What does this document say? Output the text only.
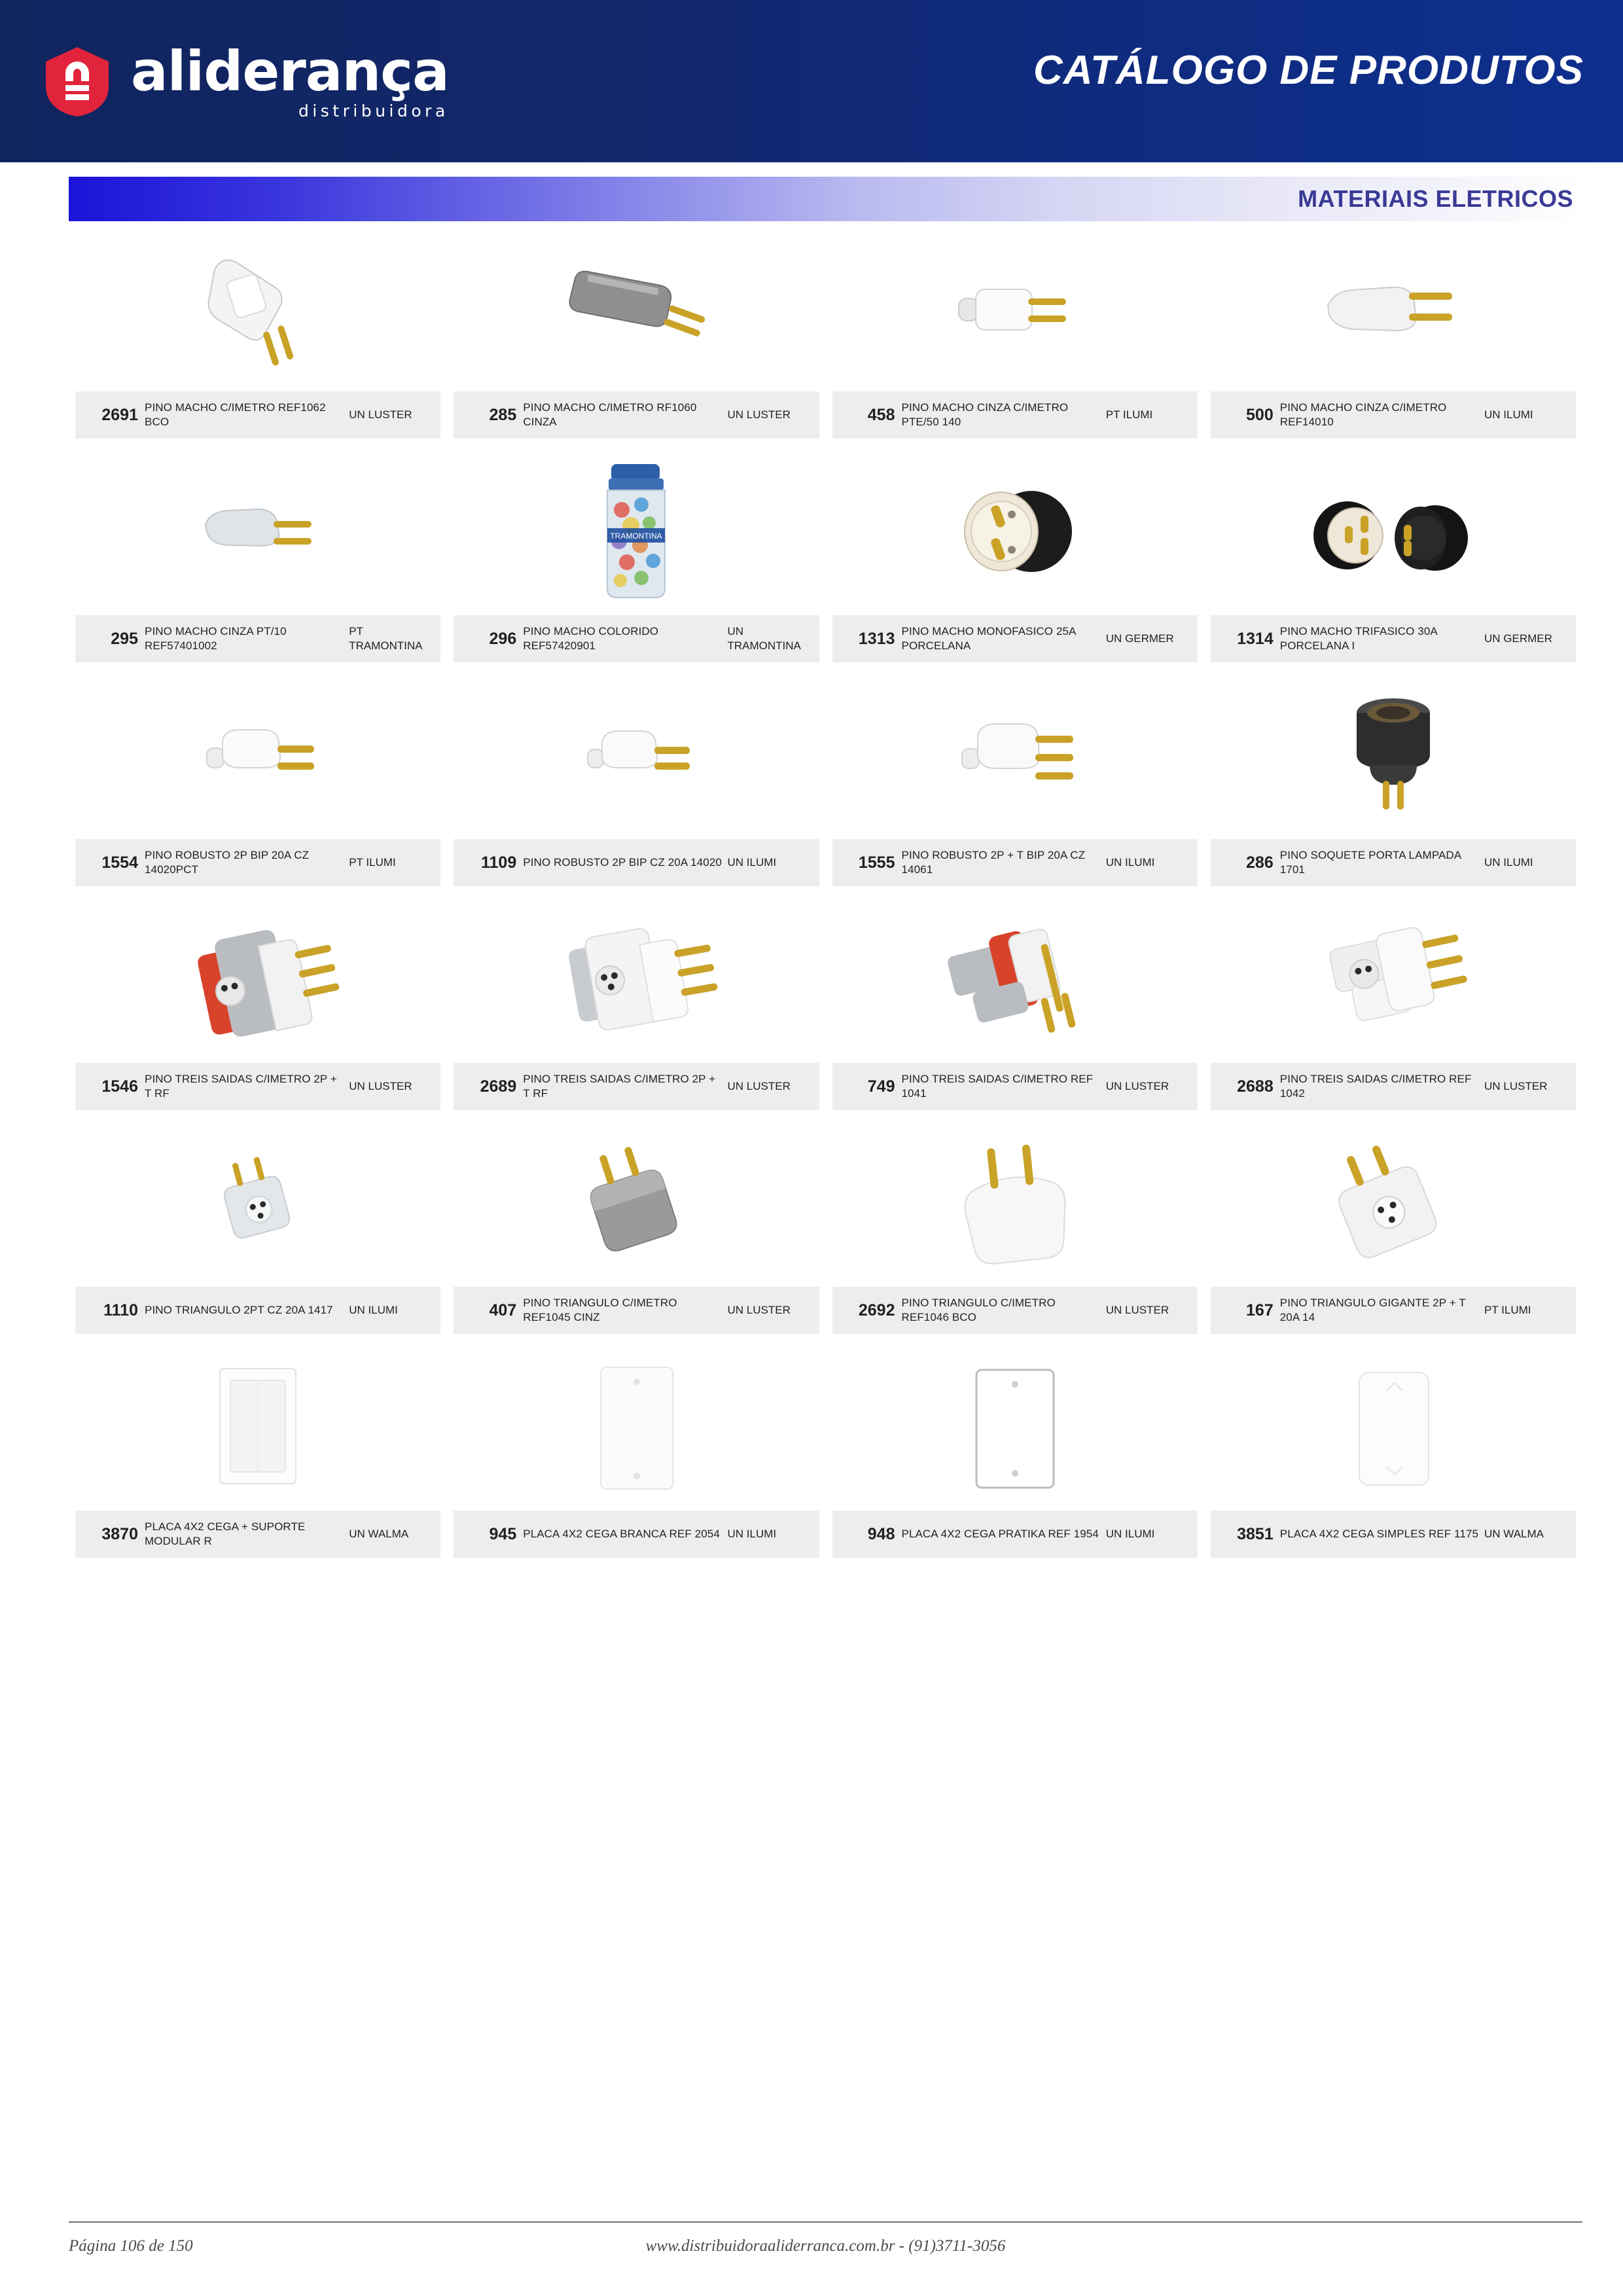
aliderança
distribuidora
CATÁLOGO DE PRODUTOS
MATERIAIS ELETRICOS
2691 PINO MACHO C/IMETRO REF1062 BCO
UN LUSTER	285 PINO MACHO C/IMETRO RF1060 CINZA
UN LUSTER	458 PINO MACHO CINZA C/IMETRO PTE/50 140
PT ILUMI	500 PINO MACHO CINZA C/IMETRO REF14010
UN ILUMI
295 PINO MACHO CINZA PT/10 REF57401002
PT TRAMONTINA
TRAMONTINA
296 PINO MACHO COLORIDO REF57420901
UN TRAMONTINA	1313 PINO MACHO MONOFASICO 25A PORCELANA
UN GERMER	1314 PINO MACHO TRIFASICO 30A PORCELANA I
UN GERMER
1554 PINO ROBUSTO 2P BIP 20A CZ 14020PCT
PT ILUMI	1109 PINO ROBUSTO 2P BIP CZ 20A 14020 UN ILUMI	1555 PINO ROBUSTO 2P + T BIP 20A CZ 14061
UN ILUMI	286 PINO SOQUETE PORTA LAMPADA 1701
UN ILUMI
1546 PINO TREIS SAIDAS C/IMETRO 2P + T RF
UN LUSTER	2689 PINO TREIS SAIDAS C/IMETRO 2P + T RF
UN LUSTER	749 PINO TREIS SAIDAS C/IMETRO REF 1041
UN LUSTER	2688 PINO TREIS SAIDAS C/IMETRO REF 1042
UN LUSTER
1110 PINO TRIANGULO 2PT CZ 20A 1417	UN ILUMI	407 PINO TRIANGULO C/IMETRO REF1045 CINZ
UN LUSTER	2692 PINO TRIANGULO C/IMETRO REF1046 BCO
UN LUSTER	167 PINO TRIANGULO GIGANTE 2P + T 20A 14
PT ILUMI
3870 PLACA 4X2 CEGA + SUPORTE MODULAR R
UN WALMA	945 PLACA 4X2 CEGA BRANCA REF 2054 UN ILUMI	948 PLACA 4X2 CEGA PRATIKA REF 1954 UN ILUMI	3851 PLACA 4X2 CEGA SIMPLES REF 1175 UN WALMA
Página 106 de 150	www.distribuidoraaliderranca.com.br - (91)3711-3056
